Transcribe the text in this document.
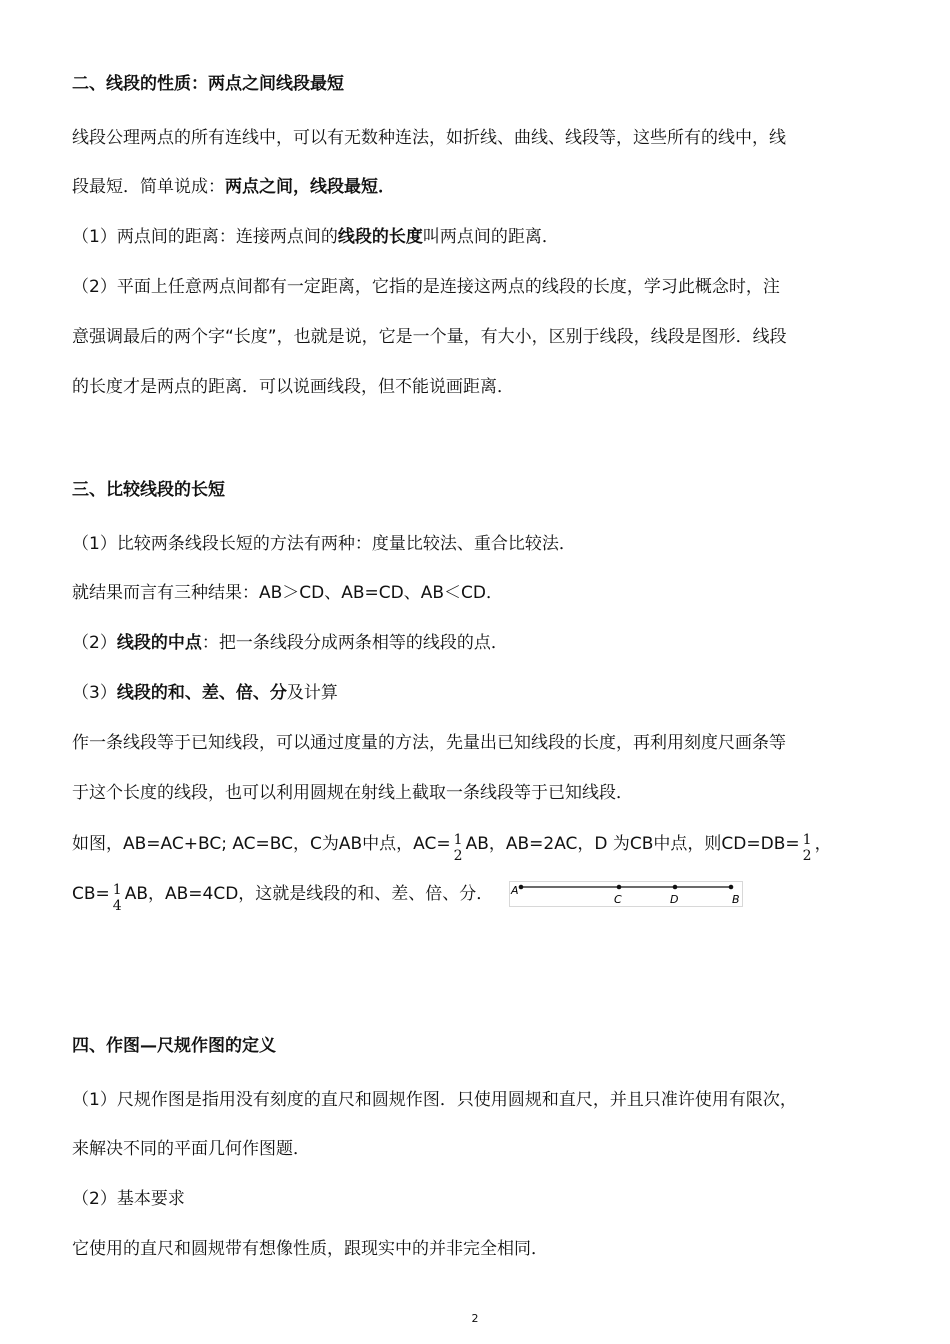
二、线段的性质：两点之间线段最短
线段公理两点的所有连线中，可以有无数种连法，如折线、曲线、线段等，这些所有的线中，线
段最短．简单说成：两点之间，线段最短．
（1）两点间的距离：连接两点间的线段的长度叫两点间的距离．
（2）平面上任意两点间都有一定距离，它指的是连接这两点的线段的长度，学习此概念时，注
意强调最后的两个字“长度”，也就是说，它是一个量，有大小，区别于线段，线段是图形．线段
的长度才是两点的距离．可以说画线段，但不能说画距离．
三、比较线段的长短
（1）比较两条线段长短的方法有两种：度量比较法、重合比较法．
就结果而言有三种结果：AB＞CD、AB=CD、AB＜CD．
（2）线段的中点：把一条线段分成两条相等的线段的点．
（3）线段的和、差、倍、分及计算
作一条线段等于已知线段，可以通过度量的方法，先量出已知线段的长度，再利用刻度尺画条等
于这个长度的线段，也可以利用圆规在射线上截取一条线段等于已知线段．
如图，AB=AC+BC; AC=BC，C为AB中点，AC= 1
2
AB，AB=2AC，D 为CB中点，则CD=DB= 1
2
，
CB= 1
4
AB，AB=4CD，这就是线段的和、差、倍、分． A
C	D	B
四、作图—尺规作图的定义
（1）尺规作图是指用没有刻度的直尺和圆规作图．只使用圆规和直尺，并且只准许使用有限次，
来解决不同的平面几何作图题．
（2）基本要求
它使用的直尺和圆规带有想像性质，跟现实中的并非完全相同．
2
